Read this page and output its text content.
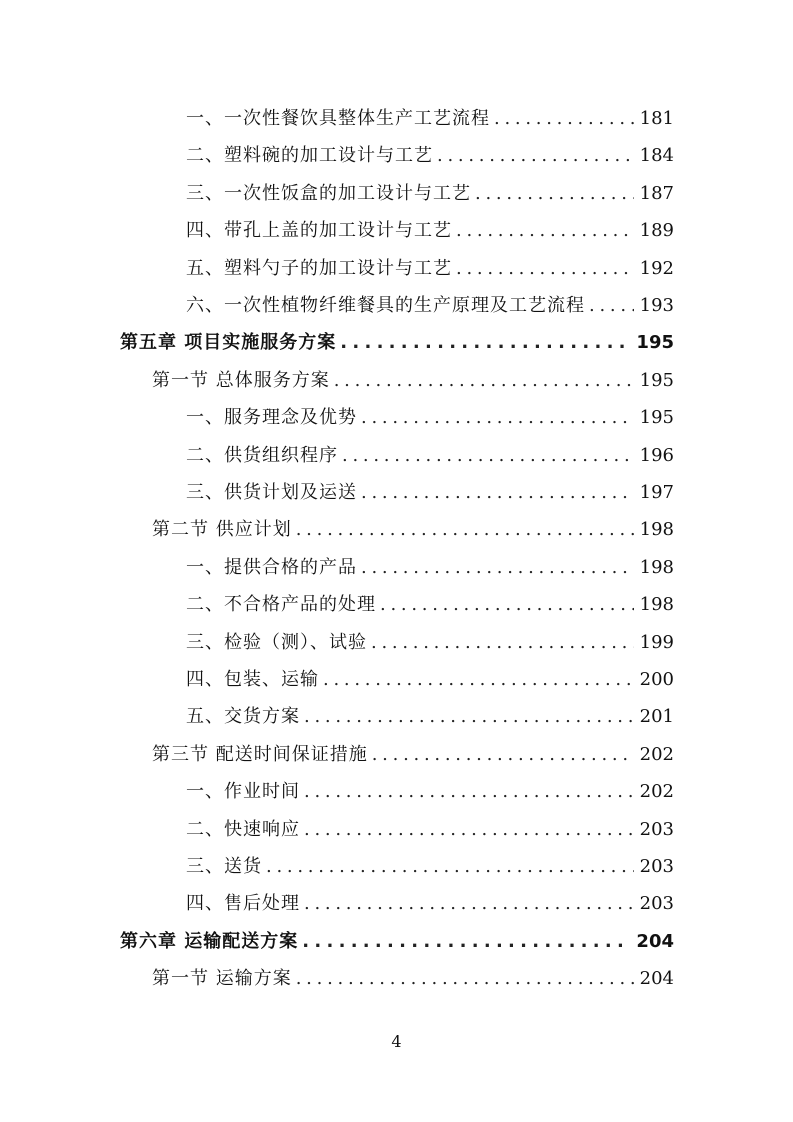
一、一次性餐饮具整体生产工艺流程 . . .	181
二、塑料碗的加工设计与工艺 . . .	184
三、一次性饭盒的加工设计与工艺 . . .	187
四、带孔上盖的加工设计与工艺 . . .	189
五、塑料勺子的加工设计与工艺 . . .	192
六、一次性植物纤维餐具的生产原理及工艺流程 . . .	193
第五章 项目实施服务方案 . . .	195
第一节 总体服务方案 . . .	195
一、服务理念及优势 . . .	195
二、供货组织程序 . . .	196
三、供货计划及运送 . . .	197
第二节 供应计划 . . .	198
一、提供合格的产品 . . .	198
二、不合格产品的处理 . . .	198
三、检验（测）、试验 . . .	199
四、包装、运输 . . .	200
五、交货方案 . . .	201
第三节 配送时间保证措施 . . .	202
一、作业时间 . . .	202
二、快速响应 . . .	203
三、送货 . . .	203
四、售后处理 . . .	203
第六章 运输配送方案 . . .	204
第一节 运输方案 . . .	204
4
